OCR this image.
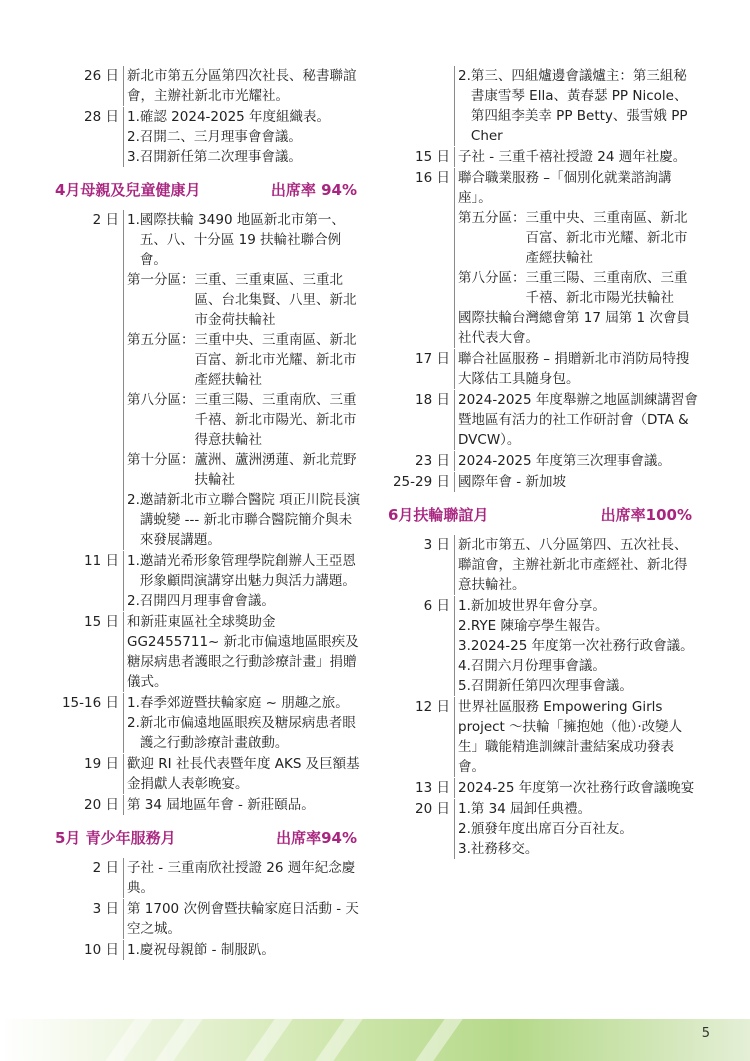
26 日 新北市第五分區第四次社長、秘書聯誼會，主辦社新北市光耀社。
28 日 1. 確認 2024-2025 年度組織表。
2. 召開二、三月理事會會議。
3. 召開新任第二次理事會議。
4月母親及兒童健康月	出席率 94%
2 日 1. 國際扶輪 3490 地區新北市第一、五、八、十分區 19 扶輪社聯合例會。
第一分區： 三重、三重東區、三重北區、台北集賢、八里、新北市金荷扶輪社
第五分區： 三重中央、三重南區、新北百富、新北市光耀、新北市產經扶輪社
第八分區： 三重三陽、三重南欣、三重千禧、新北市陽光、新北市得意扶輪社
第十分區： 蘆洲、蘆洲湧蓮、新北荒野扶輪社
2. 邀請新北市立聯合醫院 項正川院長演講蛻變 --- 新北市聯合醫院簡介與未來發展講題。
11 日 1. 邀請光希形象管理學院創辦人王亞恩形象顧問演講穿出魅力與活力講題。
2. 召開四月理事會會議。
15 日 和新莊東區社全球獎助金GG2455711~ 新北市偏遠地區眼疾及糖尿病患者護眼之行動診療計畫」捐贈儀式。
15-16 日 1. 春季郊遊暨扶輪家庭 ~ 朋趣之旅。
2. 新北市偏遠地區眼疾及糖尿病患者眼護之行動診療計畫啟動。
19 日 歡迎 RI 社長代表暨年度 AKS 及巨額基金捐獻人表彰晚宴。
20 日 第 34 屆地區年會 - 新莊頤品。
5月 青少年服務月	出席率94%
2 日 子社 - 三重南欣社授證 26 週年紀念慶典。
3 日 第 1700 次例會暨扶輪家庭日活動 - 天空之城。
10 日 1. 慶祝母親節 - 制服趴。
2. 第三、四組爐邊會議爐主：第三組秘書康雪琴 Ella、黃春瑟 PP Nicole、第四組李美幸 PP Betty、張雪娥 PP Cher
15 日 子社 - 三重千禧社授證 24 週年社慶。
16 日 聯合職業服務 –「個別化就業諮詢講座」。
第五分區： 三重中央、三重南區、新北百富、新北市光耀、新北市產經扶輪社
第八分區： 三重三陽、三重南欣、三重千禧、新北市陽光扶輪社
國際扶輪台灣總會第 17 屆第 1 次會員社代表大會。
17 日 聯合社區服務 – 捐贈新北市消防局特搜大隊估工具隨身包。
18 日 2024-2025 年度舉辦之地區訓練講習會暨地區有活力的社工作研討會（DTA & DVCW）。
23 日 2024-2025 年度第三次理事會議。
25-29 日 國際年會 - 新加坡
6月扶輪聯誼月	出席率100%
3 日 新北市第五、八分區第四、五次社長、聯誼會，主辦社新北市產經社、新北得意扶輪社。
6 日 1. 新加坡世界年會分享。
2. RYE 陳瑜亭學生報告。
3. 2024-25 年度第一次社務行政會議。
4. 召開六月份理事會議。
5. 召開新任第四次理事會議。
12 日 世界社區服務 Empowering Girls project ～扶輪「擁抱她（他）‧改變人生」職能精進訓練計畫結案成功發表會。
13 日 2024-25 年度第一次社務行政會議晚宴
20 日 1. 第 34 屆卸任典禮。
2. 頒發年度出席百分百社友。
3. 社務移交。
5
